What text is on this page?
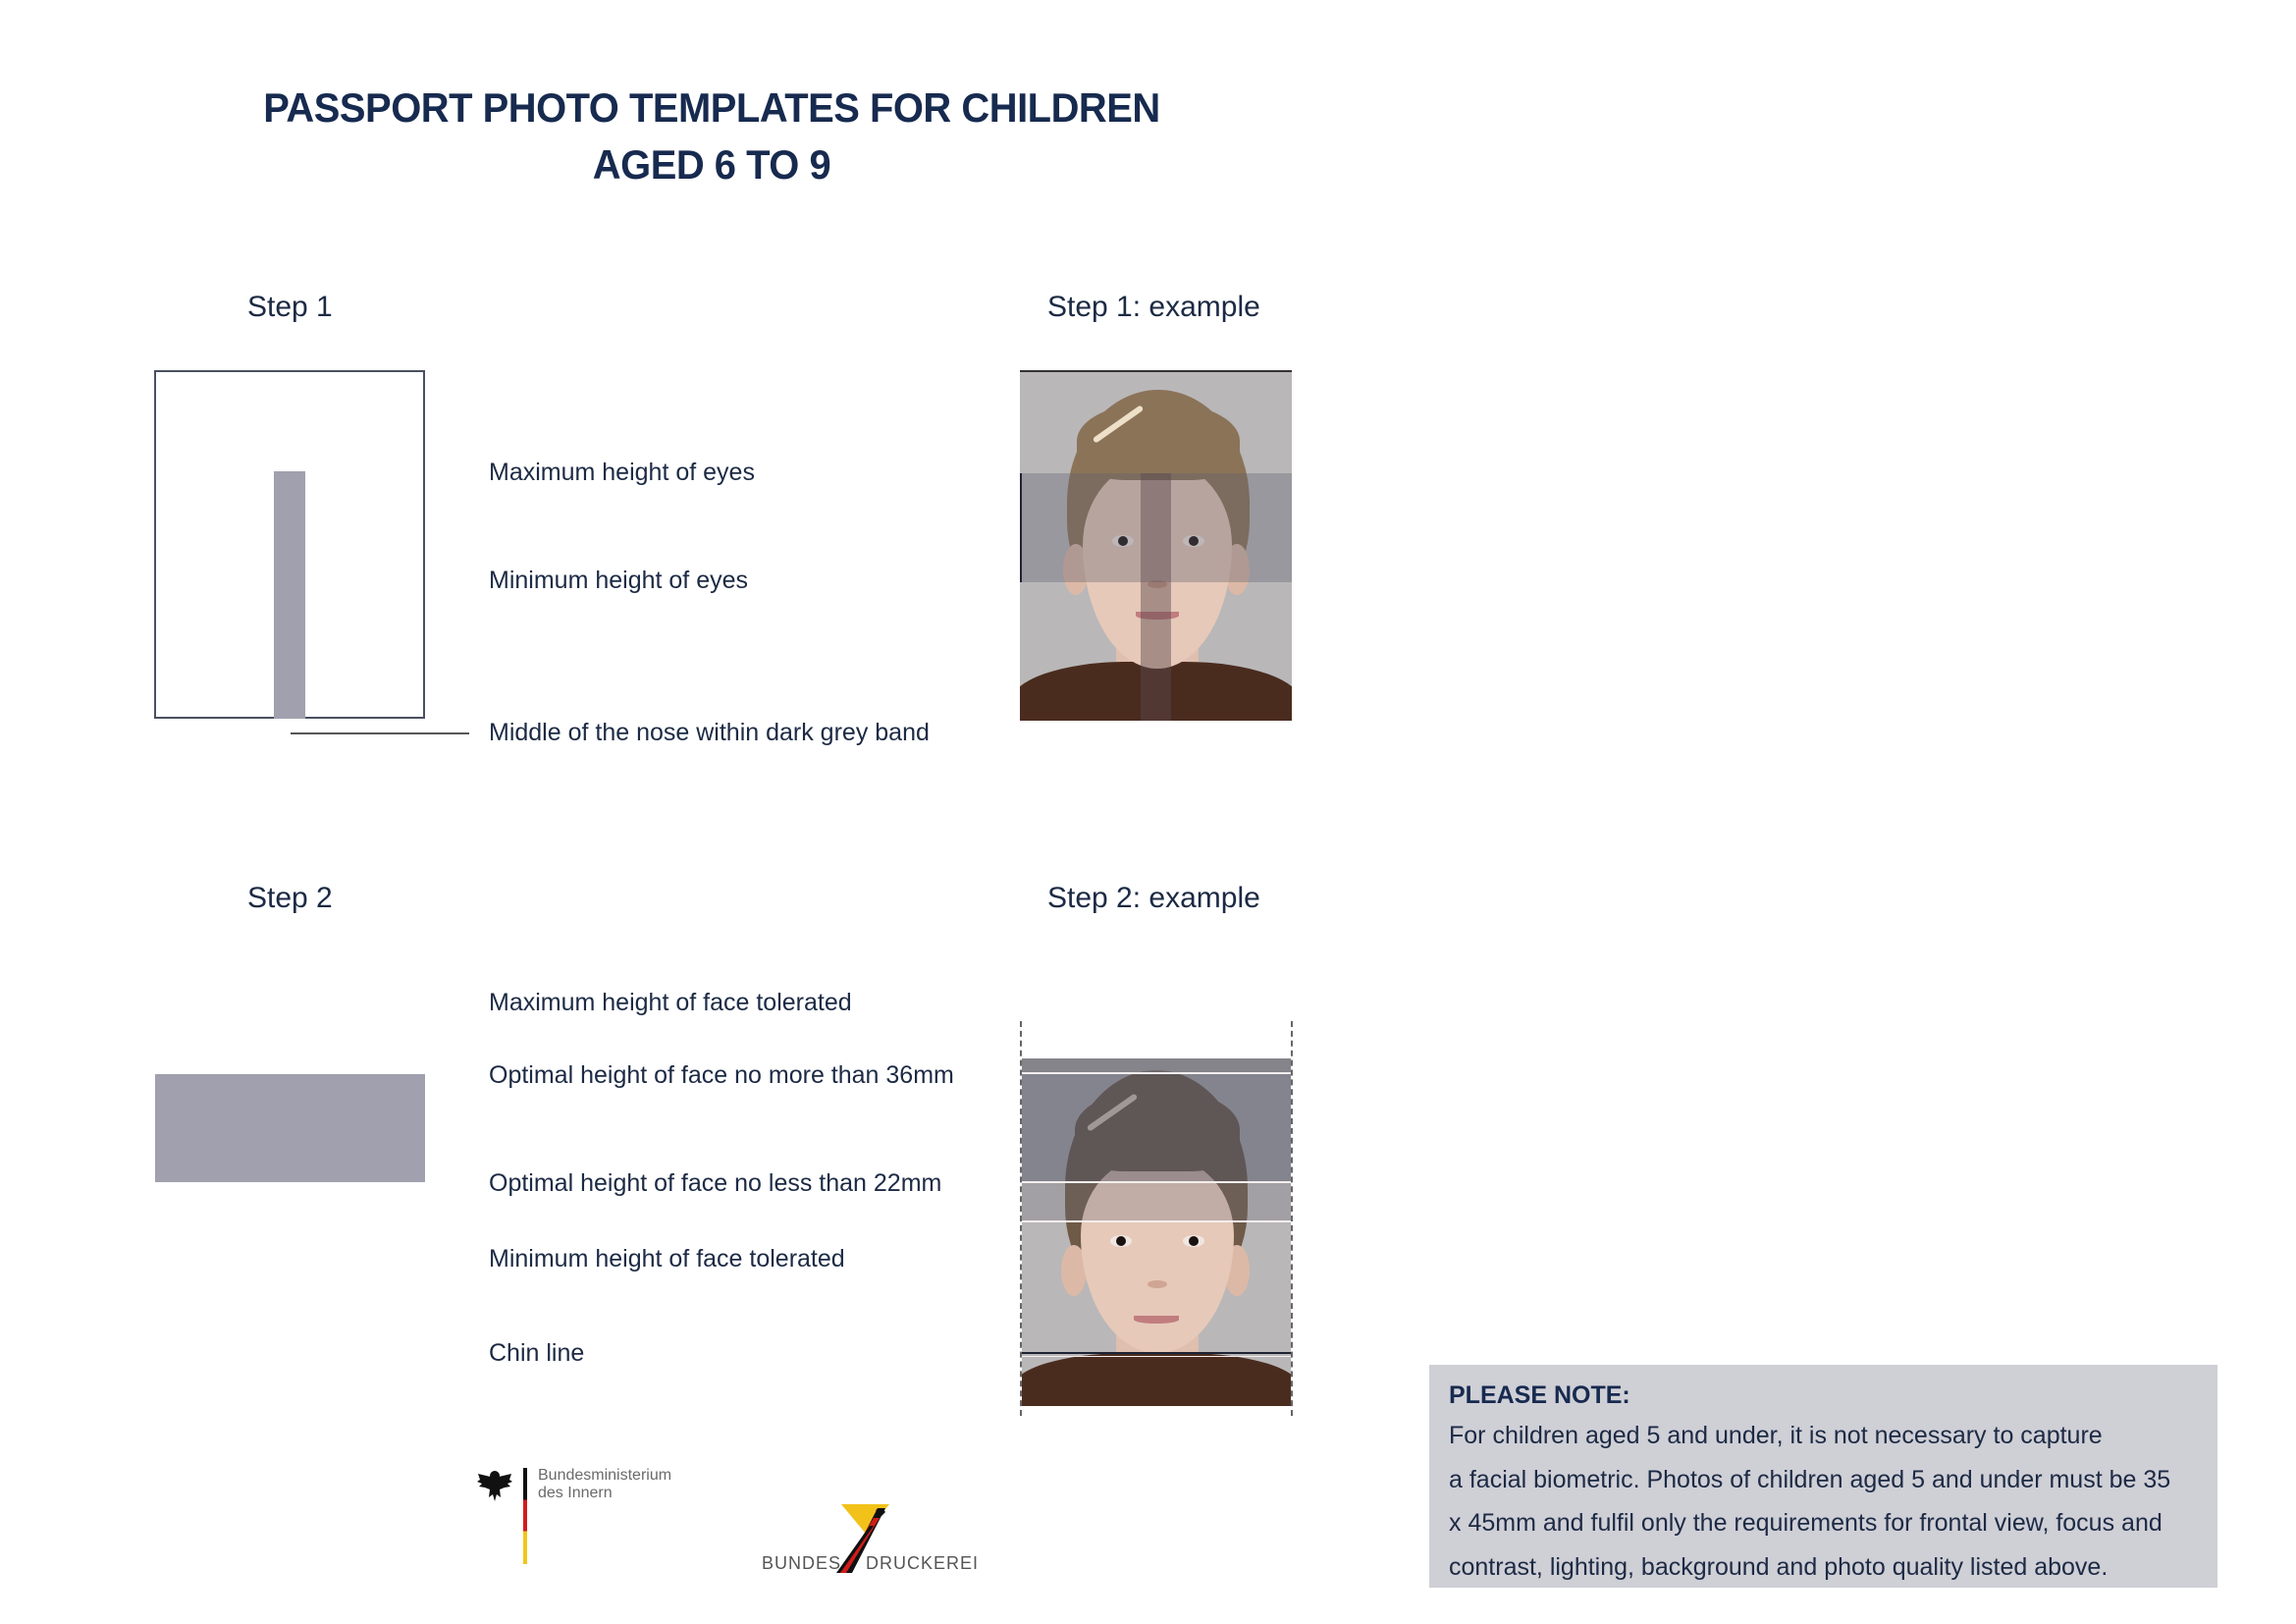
PASSPORT PHOTO TEMPLATES FOR CHILDREN
AGED 6 TO 9
Step 1	Step 1: example
Maximum height of eyes
Minimum height of eyes
Middle of the nose within dark grey band
Step 2	Step 2: example
Maximum height of face tolerated
Optimal height of face no more than 36mm
Optimal height of face no less than 22mm
Minimum height of face tolerated
Chin line
Bundesministerium
des Innern
BUNDES DRUCKEREI
PLEASE NOTE:
For children aged 5 and under, it is not necessary to capture
a facial biometric. Photos of children aged 5 and under must be 35
x 45mm and fulfil only the requirements for frontal view, focus and
contrast, lighting, background and photo quality listed above.
